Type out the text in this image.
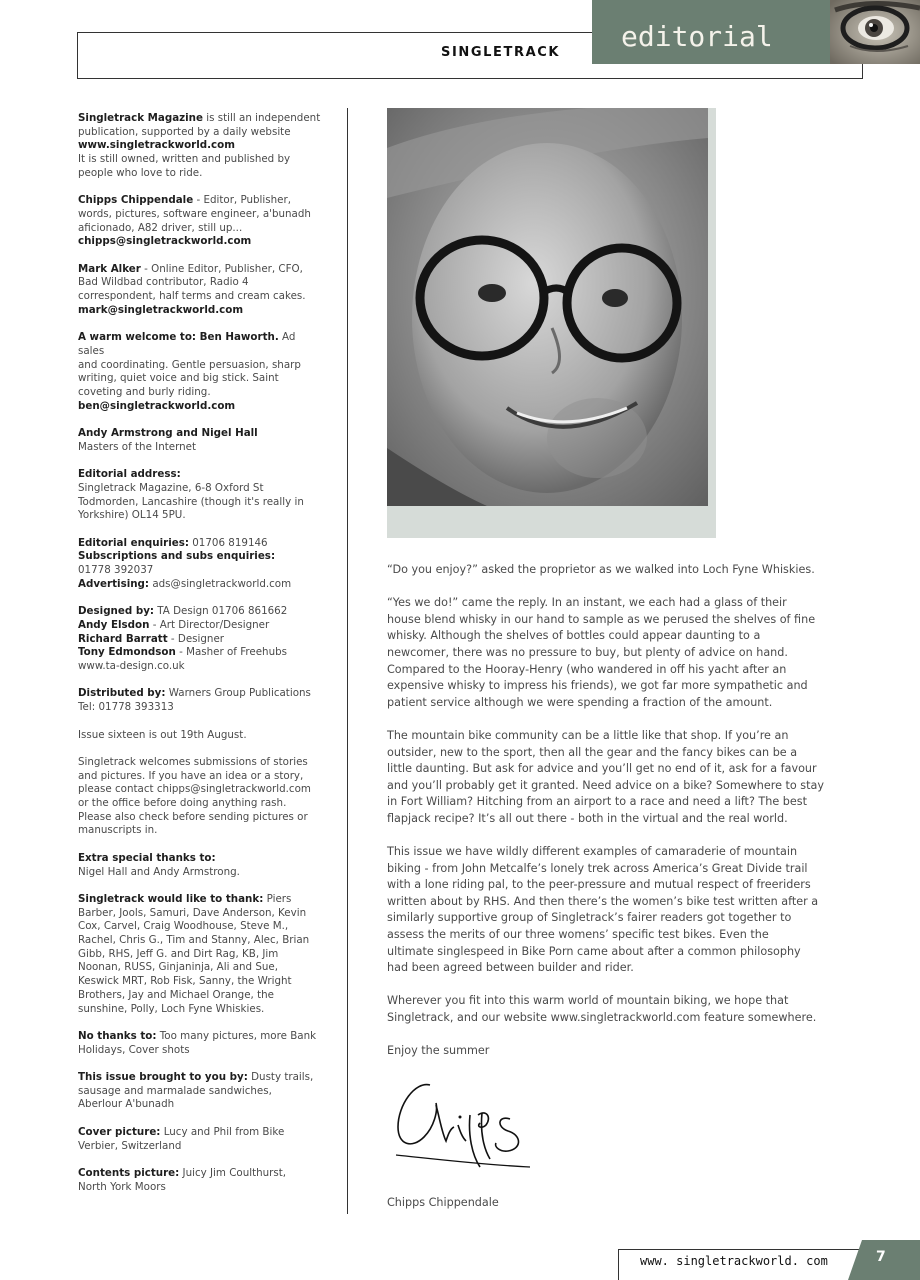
SINGLETRACK editorial
Singletrack Magazine is still an independent
publication, supported by a daily website
www.singletrackworld.com
It is still owned, written and published by
people who love to ride.
Chipps Chippendale - Editor, Publisher,
words, pictures, software engineer, a'bunadh
aficionado, A82 driver, still up...
chipps@singletrackworld.com
Mark Alker - Online Editor, Publisher, CFO,
Bad Wildbad contributor, Radio 4
correspondent, half terms and cream cakes.
mark@singletrackworld.com
A warm welcome to: Ben Haworth. Ad sales
and coordinating. Gentle persuasion, sharp
writing, quiet voice and big stick. Saint
coveting and burly riding.
ben@singletrackworld.com
Andy Armstrong and Nigel Hall
Masters of the Internet
Editorial address:
Singletrack Magazine, 6-8 Oxford St
Todmorden, Lancashire (though it's really in
Yorkshire) OL14 5PU.
Editorial enquiries: 01706 819146
Subscriptions and subs enquiries:
01778 392037
Advertising: ads@singletrackworld.com
Designed by: TA Design 01706 861662
Andy Elsdon - Art Director/Designer
Richard Barratt - Designer
Tony Edmondson - Masher of Freehubs
www.ta-design.co.uk
Distributed by: Warners Group Publications
Tel: 01778 393313
Issue sixteen is out 19th August.
Singletrack welcomes submissions of stories
and pictures. If you have an idea or a story,
please contact chipps@singletrackworld.com
or the office before doing anything rash.
Please also check before sending pictures or
manuscripts in.
Extra special thanks to:
Nigel Hall and Andy Armstrong.
Singletrack would like to thank: Piers
Barber, Jools, Samuri, Dave Anderson, Kevin
Cox, Carvel, Craig Woodhouse, Steve M.,
Rachel, Chris G., Tim and Stanny, Alec, Brian
Gibb, RHS, Jeff G. and Dirt Rag, KB, Jim
Noonan, RUSS, Ginjaninja, Ali and Sue,
Keswick MRT, Rob Fisk, Sanny, the Wright
Brothers, Jay and Michael Orange, the
sunshine, Polly, Loch Fyne Whiskies.
No thanks to: Too many pictures, more Bank
Holidays, Cover shots
This issue brought to you by: Dusty trails,
sausage and marmalade sandwiches,
Aberlour A'bunadh
Cover picture: Lucy and Phil from Bike
Verbier, Switzerland
Contents picture: Juicy Jim Coulthurst,
North York Moors
“Do you enjoy?” asked the proprietor as we walked into Loch Fyne Whiskies.
“Yes we do!” came the reply. In an instant, we each had a glass of their
house blend whisky in our hand to sample as we perused the shelves of fine
whisky. Although the shelves of bottles could appear daunting to a
newcomer, there was no pressure to buy, but plenty of advice on hand.
Compared to the Hooray-Henry (who wandered in off his yacht after an
expensive whisky to impress his friends), we got far more sympathetic and
patient service although we were spending a fraction of the amount.
The mountain bike community can be a little like that shop. If you’re an
outsider, new to the sport, then all the gear and the fancy bikes can be a
little daunting. But ask for advice and you’ll get no end of it, ask for a favour
and you’ll probably get it granted. Need advice on a bike? Somewhere to stay
in Fort William? Hitching from an airport to a race and need a lift? The best
flapjack recipe? It’s all out there - both in the virtual and the real world.
This issue we have wildly different examples of camaraderie of mountain
biking - from John Metcalfe’s lonely trek across America’s Great Divide trail
with a lone riding pal, to the peer-pressure and mutual respect of freeriders
written about by RHS. And then there’s the women’s bike test written after a
similarly supportive group of Singletrack’s fairer readers got together to
assess the merits of our three womens’ specific test bikes. Even the
ultimate singlespeed in Bike Porn came about after a common philosophy
had been agreed between builder and rider.
Wherever you fit into this warm world of mountain biking, we hope that
Singletrack, and our website www.singletrackworld.com feature somewhere.
Enjoy the summer
Chipps Chippendale
www. singletrackworld. com	7
